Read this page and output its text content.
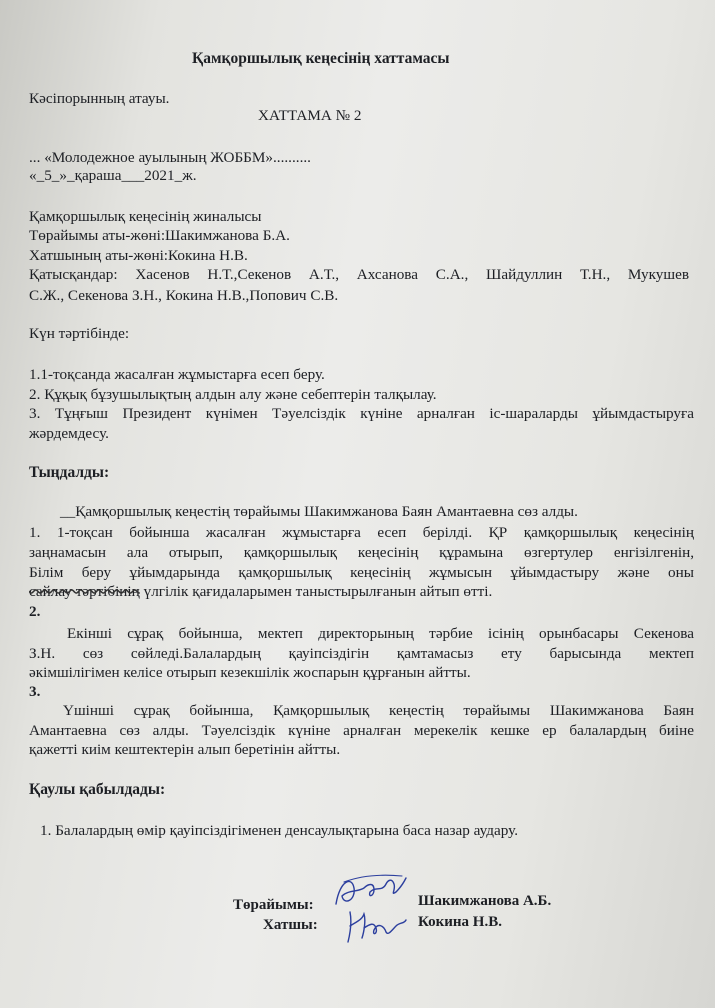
Қамқоршылық кеңесінің хаттамасы
Кәсіпорынның атауы.
ХАТТАМА № 2
... «Молодежное ауылының ЖОББМ»..........
«_5_»_қараша___2021_ж.
Қамқоршылық кеңесінің жиналысы
Төрайымы аты-жөні:Шакимжанова Б.А.
Хатшының аты-жөні:Кокина Н.В.
Қатысқандар: Хасенов Н.Т.,Секенов А.Т., Ахсанова С.А., Шайдуллин Т.Н., Мукушев
С.Ж., Секенова З.Н., Кокина Н.В.,Попович С.В.
Күн тәртібінде:
1.1-тоқсанда жасалған жұмыстарға есеп беру.
2. Құқық бұзушылықтың алдын алу және себептерін талқылау.
3. Тұңғыш Президент күнімен Тәуелсіздік күніне арналған іс-шараларды ұйымдастыруға
жәрдемдесу.
Тыңдалды:
__Қамқоршылық кеңестің төрайымы Шакимжанова Баян Амантаевна сөз алды.
1. 1-тоқсан бойынша жасалған жұмыстарға есеп берілді. ҚР қамқоршылық кеңесінің
заңнамасын ала отырып, қамқоршылық кеңесінің құрамына өзгертулер енгізілгенін,
Білім беру ұйымдарында қамқоршылық кеңесінің жұмысын ұйымдастыру және оны
сайлау тәртібінің үлгілік қағидаларымен таныстырылғанын айтып өтті.
2.
Екінші сұрақ бойынша, мектеп директорының тәрбие ісінің орынбасары Секенова
З.Н. сөз сөйледі.Балалардың қауіпсіздігін қамтамасыз ету барысында мектеп
әкімшілігімен келісе отырып кезекшілік жоспарын құрғанын айтты.
3.
Үшінші сұрақ бойынша, Қамқоршылық кеңестің төрайымы Шакимжанова Баян
Амантаевна сөз алды. Тәуелсіздік күніне арналған мерекелік кешке ер балалардың биіне
қажетті киім кештектерін алып беретінін айтты.
Қаулы қабылдады:
1. Балалардың өмір қауіпсіздігіменен денсаулықтарына баса назар аудару.
Төрайымы:
Хатшы:
Шакимжанова А.Б.
Кокина Н.В.
